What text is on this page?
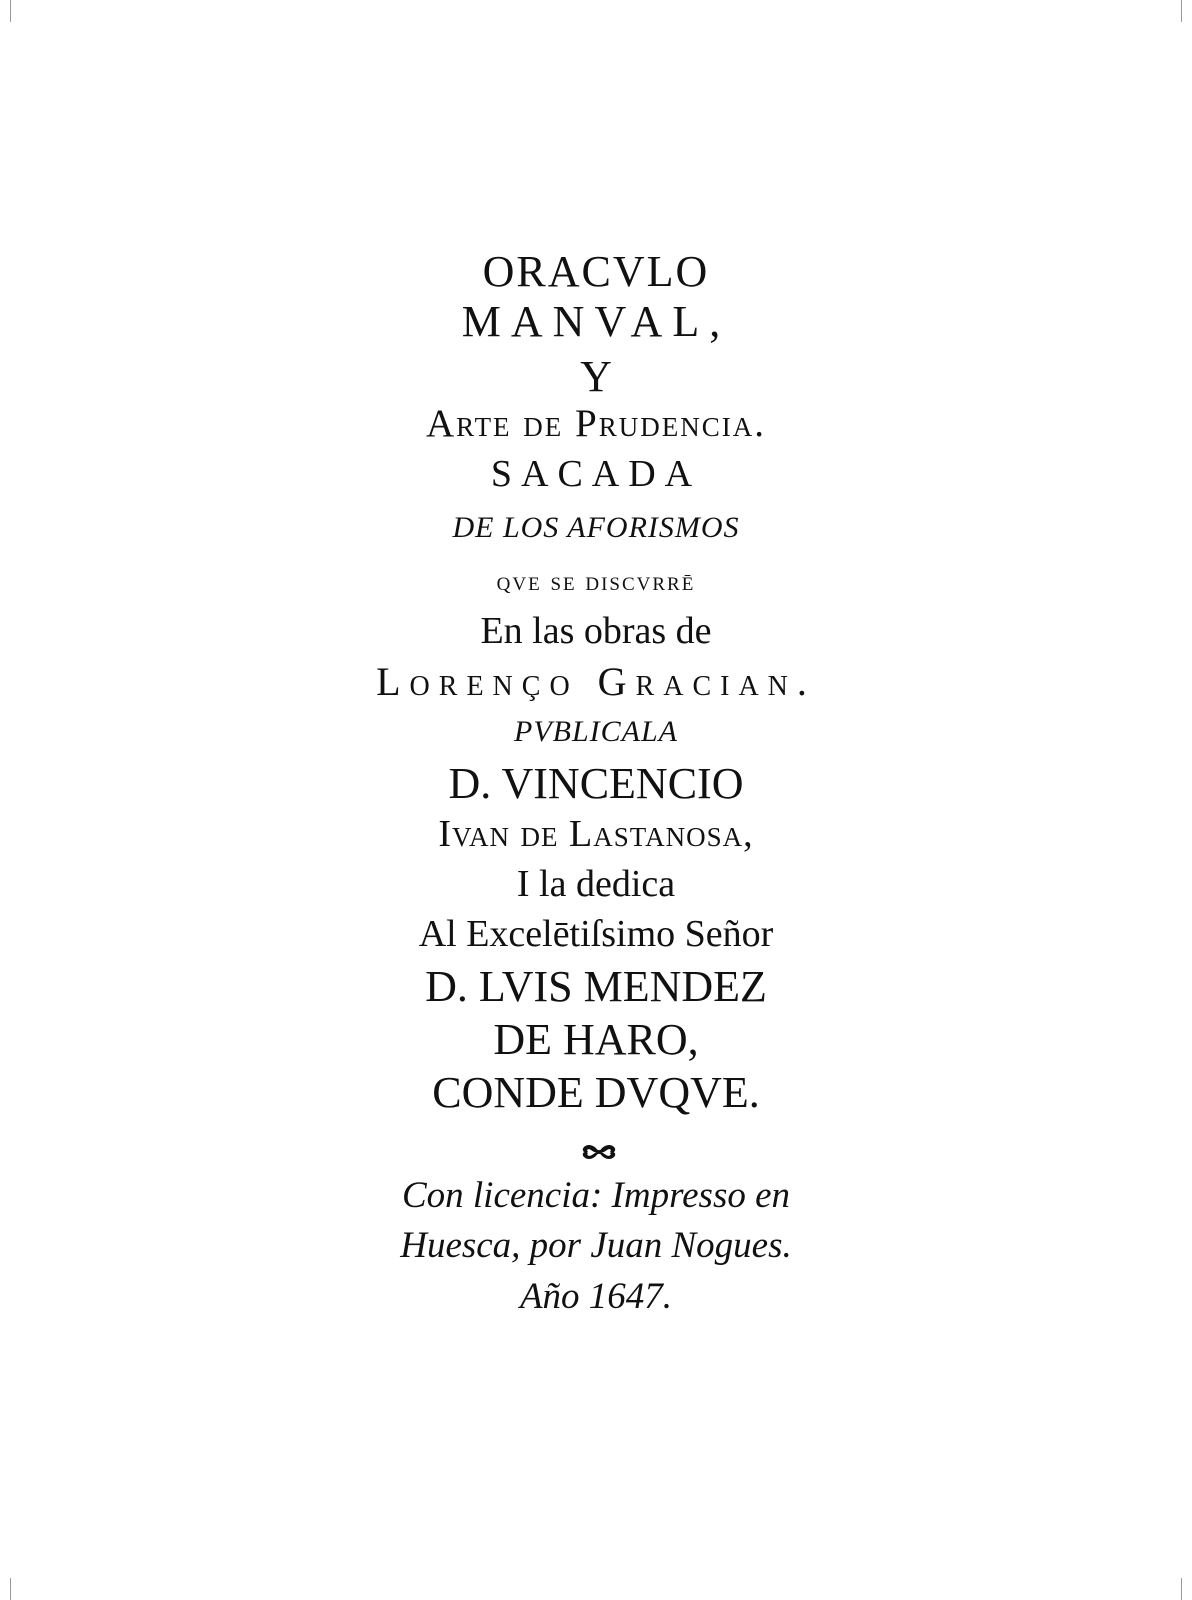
ORACVLO
MANVAL,
Y
Arte de Prudencia.
SACADA
DE LOS AFORISMOS
qve se discvrrē
En las obras de
Lorenço Gracian.
PVBLICALA
D. VINCENCIO
Ivan de Lastanosa,
I la dedica
Al Excelētiſsimo Señor
D. LVIS MENDEZ
DE HARO,
CONDE DVQVE.
Con licencia: Impresso en
Huesca, por Juan Nogues.
Año 1647.
